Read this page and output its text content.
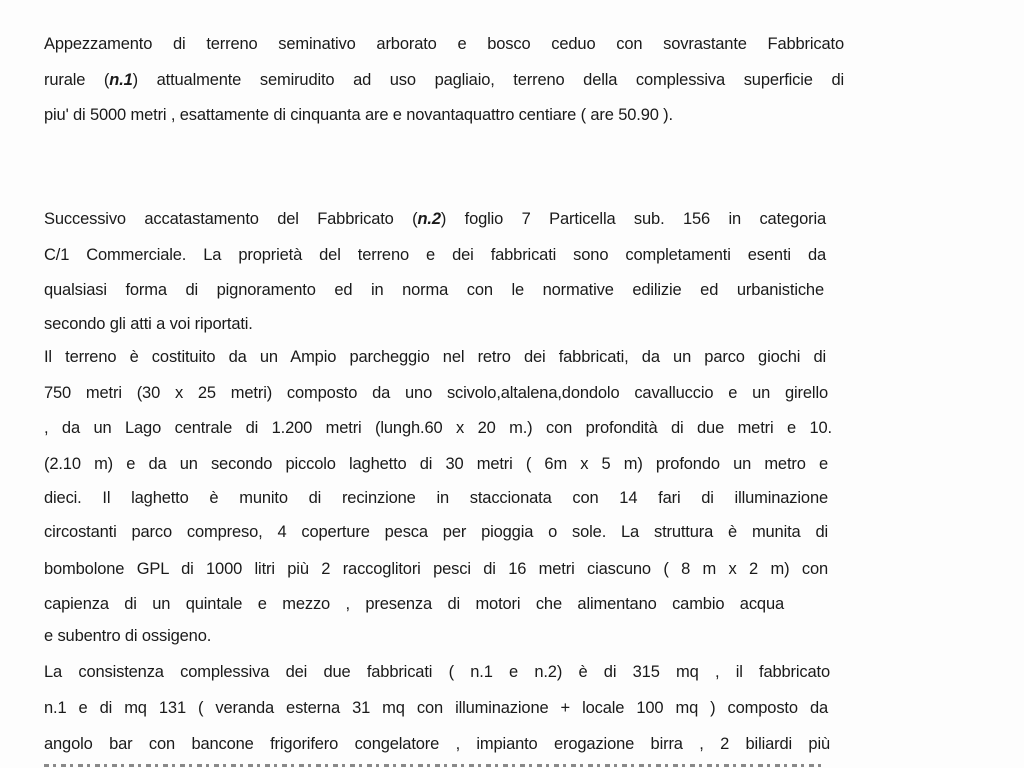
Appezzamento di terreno seminativo arborato e bosco ceduo con sovrastante Fabbricato
rurale (n.1) attualmente semirudito ad uso pagliaio, terreno della complessiva superficie di
piu' di 5000 metri , esattamente di cinquanta are e novantaquattro centiare ( are 50.90 ).
Successivo accatastamento del Fabbricato (n.2) foglio 7 Particella sub. 156 in categoria
C/1 Commerciale. La proprietà del terreno e dei fabbricati sono completamenti esenti da
qualsiasi forma di pignoramento ed in norma con le normative edilizie ed urbanistiche
secondo gli atti a voi riportati.
Il terreno è costituito da un Ampio parcheggio nel retro dei fabbricati, da un parco giochi di
750 metri (30 x 25 metri) composto da uno scivolo,altalena,dondolo cavalluccio e un girello
, da un Lago centrale di 1.200 metri (lungh.60 x 20 m.) con profondità di due metri e 10.
(2.10 m) e da un secondo piccolo laghetto di 30 metri ( 6m x 5 m) profondo un metro e
dieci. Il laghetto è munito di recinzione in staccionata con 14 fari di illuminazione
circostanti parco compreso, 4 coperture pesca per pioggia o sole. La struttura è munita di
bombolone GPL di 1000 litri più 2 raccoglitori pesci di 16 metri ciascuno ( 8 m x 2 m) con
capienza di un quintale e mezzo , presenza di motori che alimentano cambio acqua
e subentro di ossigeno.
La consistenza complessiva dei due fabbricati ( n.1 e n.2) è di 315 mq , il fabbricato
n.1 e di mq 131 ( veranda esterna 31 mq con illuminazione + locale 100 mq ) composto da
angolo bar con bancone frigorifero congelatore , impianto erogazione birra , 2 biliardi più
